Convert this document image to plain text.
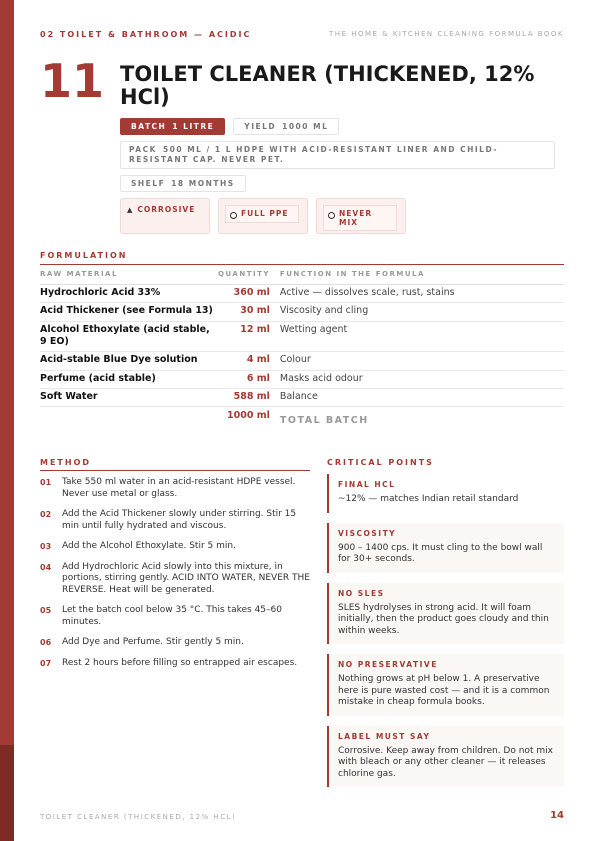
02 TOILET & BATHROOM — ACIDIC	THE HOME & KITCHEN CLEANING FORMULA BOOK
11 TOILET CLEANER (THICKENED, 12% HCl)
BATCH 1 LITRE	YIELD 1000 ML
PACK 500 ML / 1 L HDPE WITH ACID-RESISTANT LINER AND CHILD-RESISTANT CAP. NEVER PET.
SHELF 18 MONTHS
▲ CORROSIVE	FULL PPE	NEVER MIX
FORMULATION
RAW MATERIAL	QUANTITY	FUNCTION IN THE FORMULA
Hydrochloric Acid 33%	360 ml	Active — dissolves scale, rust, stains
Acid Thickener (see Formula 13)	30 ml	Viscosity and cling
Alcohol Ethoxylate (acid stable, 9 EO)	12 ml	Wetting agent
Acid-stable Blue Dye solution	4 ml	Colour
Perfume (acid stable)	6 ml	Masks acid odour
Soft Water	588 ml	Balance
	1000 ml	TOTAL BATCH
METHOD
01	Take 550 ml water in an acid-resistant HDPE vessel. Never use metal or glass.
02	Add the Acid Thickener slowly under stirring. Stir 15 min until fully hydrated and viscous.
03	Add the Alcohol Ethoxylate. Stir 5 min.
04	Add Hydrochloric Acid slowly into this mixture, in portions, stirring gently. ACID INTO WATER, NEVER THE REVERSE. Heat will be generated.
05	Let the batch cool below 35 °C. This takes 45–60 minutes.
06	Add Dye and Perfume. Stir gently 5 min.
07	Rest 2 hours before filling so entrapped air escapes.
CRITICAL POINTS
FINAL HCL
~12% — matches Indian retail standard
VISCOSITY
900 – 1400 cps. It must cling to the bowl wall for 30+ seconds.
NO SLES
SLES hydrolyses in strong acid. It will foam initially, then the product goes cloudy and thin within weeks.
NO PRESERVATIVE
Nothing grows at pH below 1. A preservative here is pure wasted cost — and it is a common mistake in cheap formula books.
LABEL MUST SAY
Corrosive. Keep away from children. Do not mix with bleach or any other cleaner — it releases chlorine gas.
TOILET CLEANER (THICKENED, 12% HCL)	14
